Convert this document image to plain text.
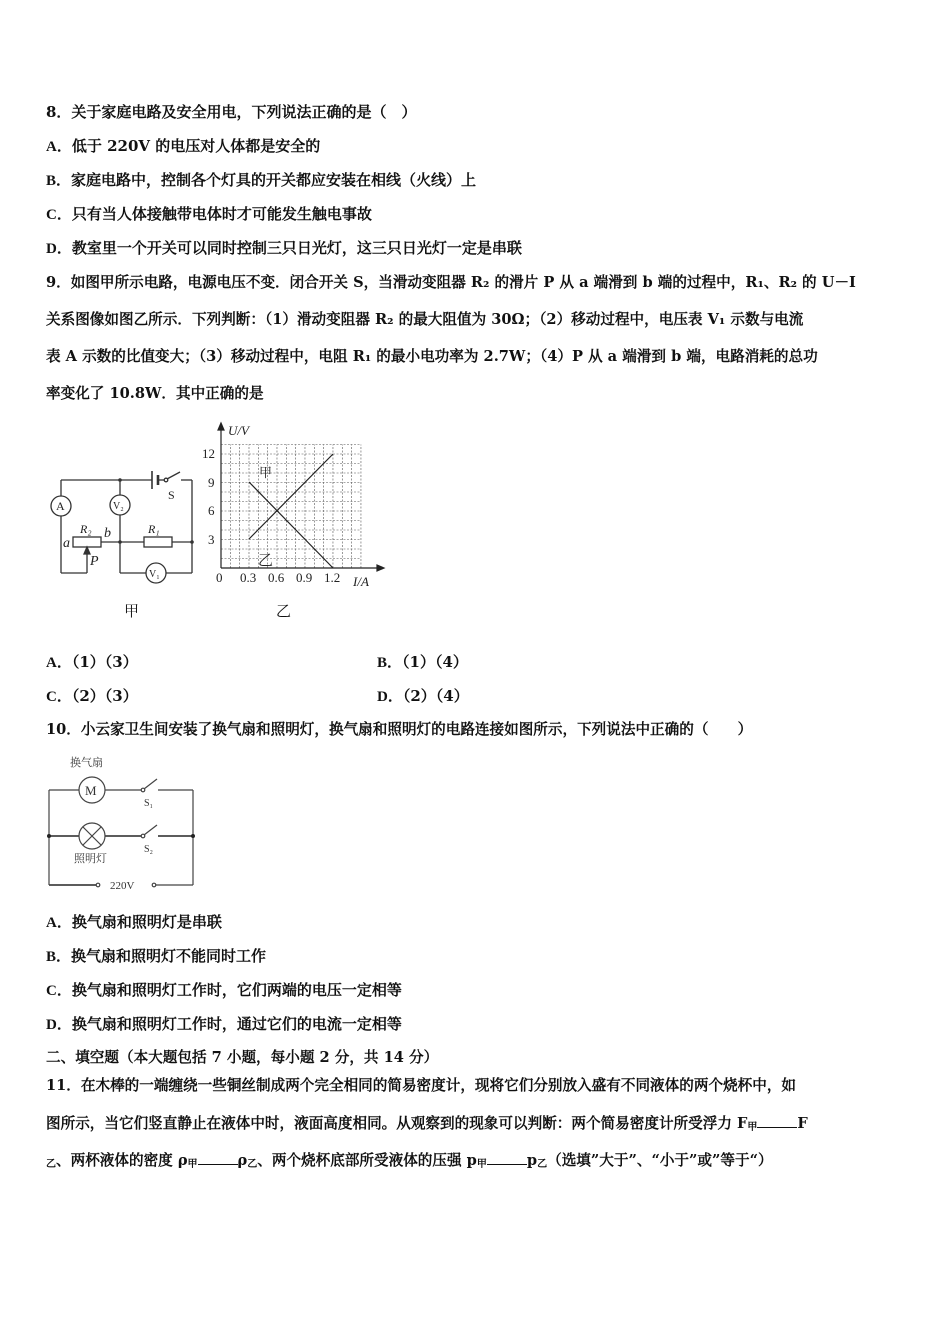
8．关于家庭电路及安全用电，下列说法正确的是（　）
A．低于 220V 的电压对人体都是安全的
B．家庭电路中，控制各个灯具的开关都应安装在相线（火线）上
C．只有当人体接触带电体时才可能发生触电事故
D．教室里一个开关可以同时控制三只日光灯，这三只日光灯一定是串联
9．如图甲所示电路，电源电压不变．闭合开关 S，当滑动变阻器 R₂ 的滑片 P 从 a 端滑到 b 端的过程中，R₁、R₂ 的 U－I
关系图像如图乙所示．下列判断：（1）滑动变阻器 R₂ 的最大阻值为 30Ω；（2）移动过程中，电压表 V₁ 示数与电流
表 A 示数的比值变大；（3）移动过程中，电阻 R₁ 的最小电功率为 2.7W；（4）P 从 a 端滑到 b 端，电路消耗的总功
率变化了 10.8W．其中正确的是
A	V₂
V₁
R₂	R₁
S
a
b
P
甲
U/V
I/A
12
9
6
3
0 0.3 0.6 0.9 1.2
甲
乙
乙
A．（1）（3）	B．（1）（4）
C．（2）（3）	D．（2）（4）
10．小云家卫生间安装了换气扇和照明灯，换气扇和照明灯的电路连接如图所示，下列说法中正确的（　　）
换气扇
M
S₁
S₂
照明灯
220V
A．换气扇和照明灯是串联
B．换气扇和照明灯不能同时工作
C．换气扇和照明灯工作时，它们两端的电压一定相等
D．换气扇和照明灯工作时，通过它们的电流一定相等
二、填空题（本大题包括 7 小题，每小题 2 分，共 14 分）
11．在木棒的一端缠绕一些铜丝制成两个完全相同的简易密度计，现将它们分别放入盛有不同液体的两个烧杯中，如
图所示，当它们竖直静止在液体中时，液面高度相同。从观察到的现象可以判断：两个简易密度计所受浮力 $F_甲$	F
$_乙$、两杯液体的密度 $\rho_甲$	$\rho_乙$、两个烧杯底部所受液体的压强 $p_甲$	$p_乙$（选填”大于”、“小于”或”等于“）
